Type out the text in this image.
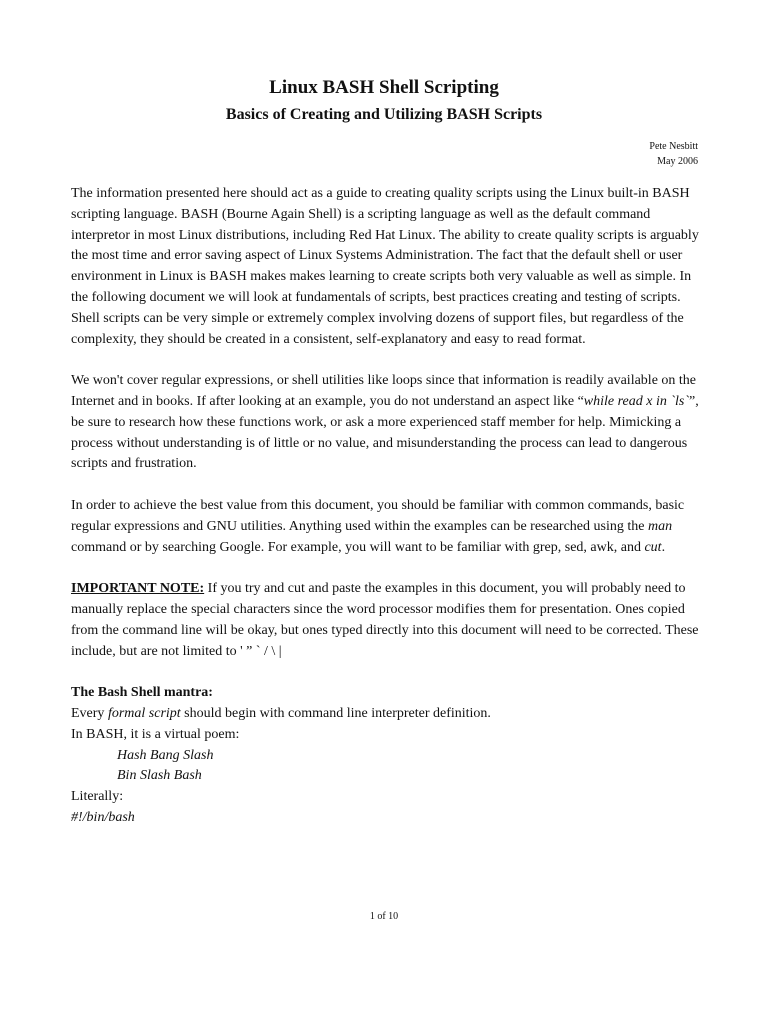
Linux BASH Shell Scripting
Basics of Creating and Utilizing BASH Scripts
Pete Nesbitt
May 2006

The information presented here should act as a guide to creating quality scripts using the Linux built-in BASH scripting language. BASH (Bourne Again Shell) is a scripting language as well as the default command interpretor in most Linux distributions, including Red Hat Linux. The ability to create quality scripts is arguably the most time and error saving aspect of Linux Systems Administration. The fact that the default shell or user environment in Linux is BASH makes makes learning to create scripts both very valuable as well as simple. In the following document we will look at fundamentals of scripts, best practices creating and testing of scripts. Shell scripts can be very simple or extremely complex involving dozens of support files, but regardless of the complexity, they should be created in a consistent, self-explanatory and easy to read format.

We won't cover regular expressions, or shell utilities like loops since that information is readily available on the Internet and in books. If after looking at an example, you do not understand an aspect like “while read x in `ls`”, be sure to research how these functions work, or ask a more experienced staff member for help. Mimicking a process without understanding is of little or no value, and misunderstanding the process can lead to dangerous scripts and frustration.

In order to achieve the best value from this document, you should be familiar with common commands, basic regular expressions and GNU utilities. Anything used within the examples can be researched using the man command or by searching Google. For example, you will want to be familiar with grep, sed, awk, and cut.

IMPORTANT NOTE: If you try and cut and paste the examples in this document, you will probably need to manually replace the special characters since the word processor modifies them for presentation. Ones copied from the command line will be okay, but ones typed directly into this document will need to be corrected. These include, but are not limited to ' ” ` / \ |

The Bash Shell mantra:
Every formal script should begin with command line interpreter definition.
In BASH, it is a virtual poem:
Hash Bang Slash
Bin Slash Bash
Literally:
#!/bin/bash
1 of 10
